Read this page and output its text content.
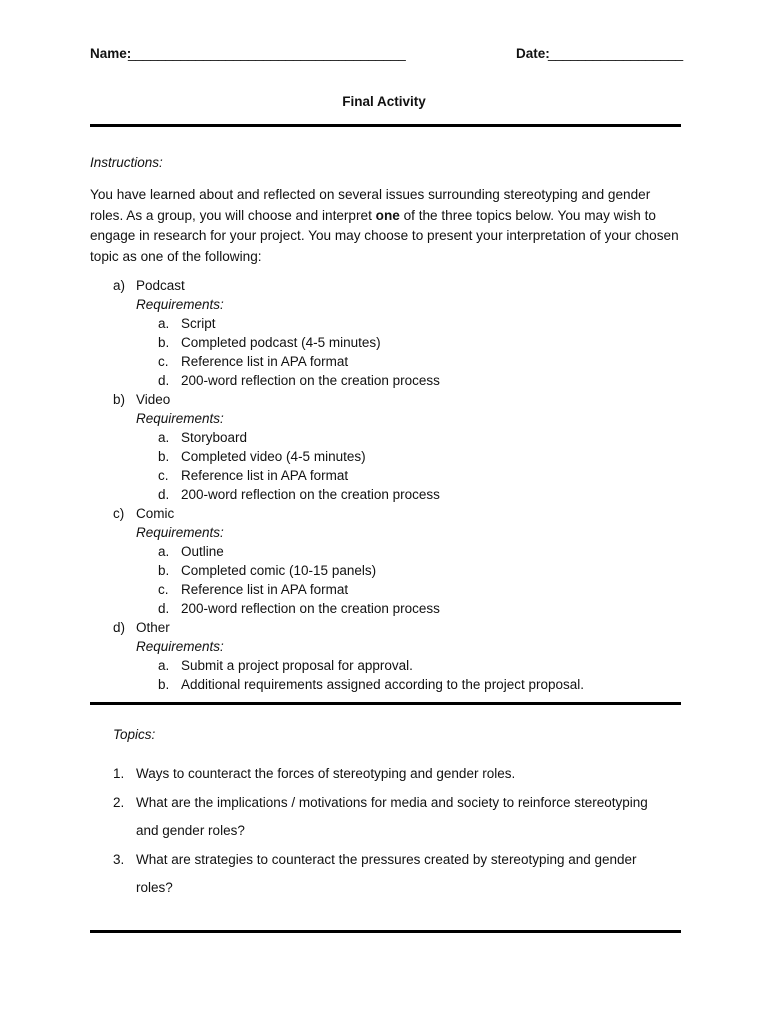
Name:
_____________________________________	Date:
__________________
Final Activity
Instructions:
You have learned about and reflected on several issues surrounding stereotyping and gender roles. As a group, you will choose and interpret one of the three topics below. You may wish to engage in research for your project. You may choose to present your interpretation of your chosen topic as one of the following:
a) Podcast
Requirements:
a. Script
b. Completed podcast (4-5 minutes)
c. Reference list in APA format
d. 200-word reflection on the creation process
b) Video
Requirements:
a. Storyboard
b. Completed video (4-5 minutes)
c. Reference list in APA format
d. 200-word reflection on the creation process
c) Comic
Requirements:
a. Outline
b. Completed comic (10-15 panels)
c. Reference list in APA format
d. 200-word reflection on the creation process
d) Other
Requirements:
a. Submit a project proposal for approval.
b. Additional requirements assigned according to the project proposal.
Topics:
1. Ways to counteract the forces of stereotyping and gender roles.
2. What are the implications / motivations for media and society to reinforce stereotyping
and gender roles?
3. What are strategies to counteract the pressures created by stereotyping and gender
roles?
